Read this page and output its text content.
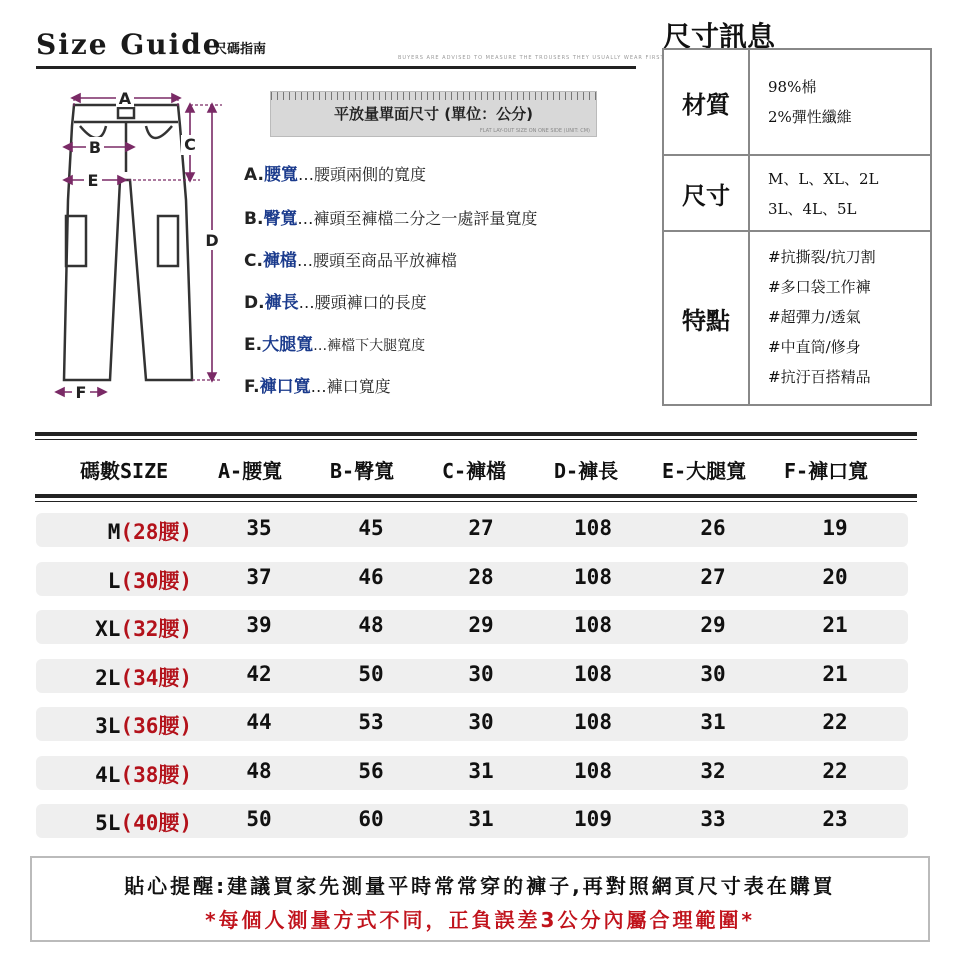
Size Guide
尺碼指南
BUYERS ARE ADVISED TO MEASURE THE TROUSERS THEY USUALLY WEAR FIRST
A
B	C
D
E
F
平放量單面尺寸 (單位：公分)
FLAT LAY-OUT SIZE ON ONE SIDE (UNIT: CM)
A.腰寬…腰頭兩側的寬度
B.臀寬…褲頭至褲檔二分之一處評量寬度
C.褲檔…腰頭至商品平放褲檔
D.褲長…腰頭褲口的長度
E.大腿寬…褲檔下大腿寬度
F.褲口寬…褲口寬度
尺寸訊息
材質
98%棉
2%彈性纖維
尺寸
M、L、XL、2L
3L、4L、5L
特點
#抗撕裂/抗刀割
#多口袋工作褲
#超彈力/透氣
#中直筒/修身
#抗汙百搭精品
碼數SIZE A-腰寬 B-臀寬 C-褲檔 D-褲長 E-大腿寬 F-褲口寬
M(28腰)	35	45	27	108	26	19
L(30腰)	37	46	28	108	27	20
XL(32腰)	39	48	29	108	29	21
2L(34腰)	42	50	30	108	30	21
3L(36腰)	44	53	30	108	31	22
4L(38腰)	48	56	31	108	32	22
5L(40腰)	50	60	31	109	33	23
貼心提醒:建議買家先測量平時常常穿的褲子,再對照網頁尺寸表在購買
*每個人測量方式不同，正負誤差3公分內屬合理範圍*
